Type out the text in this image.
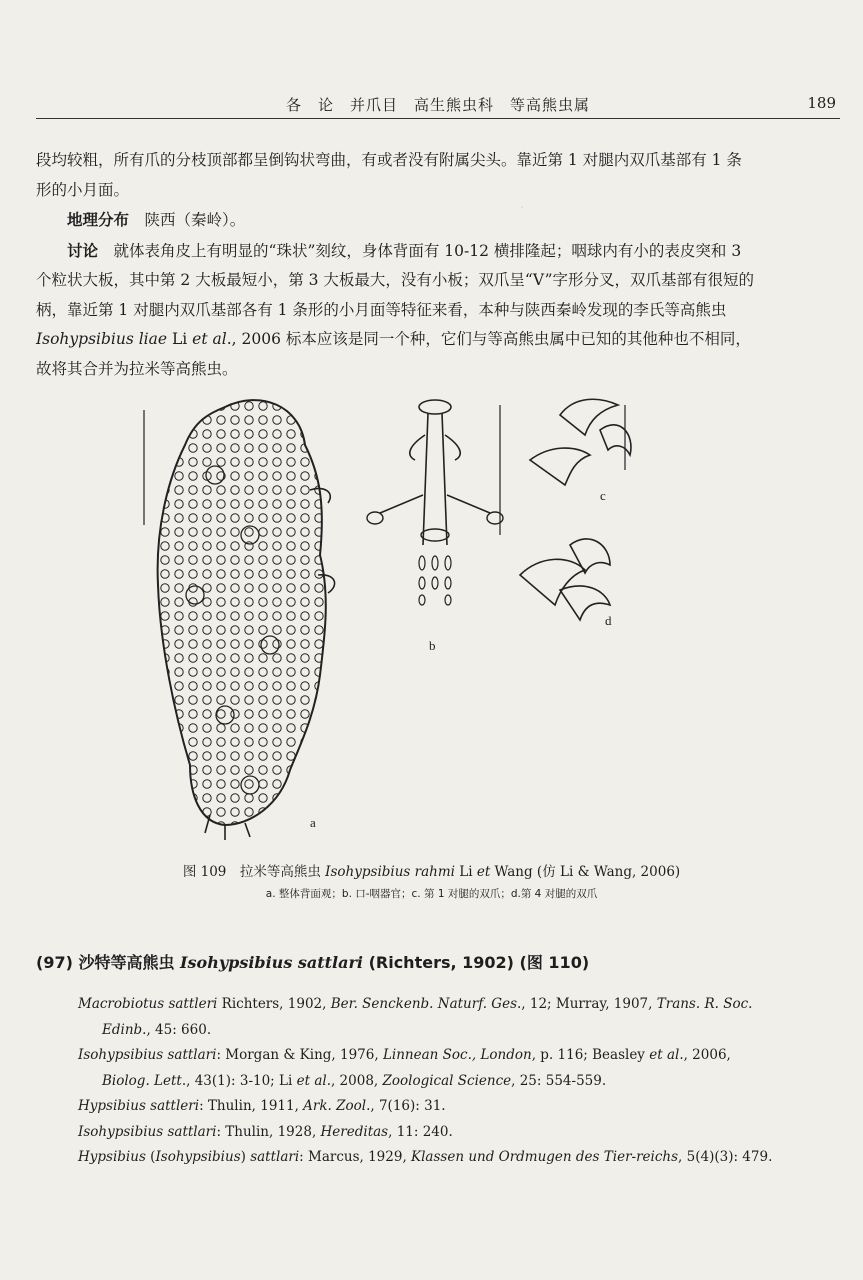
·
各　论　并爪目　高生熊虫科　等高熊虫属	189

段均较粗，所有爪的分枝顶部都呈倒钩状弯曲，有或者没有附属尖头。靠近第 1 对腿内双爪基部有 1 条形的小月面。

地理分布　陕西（秦岭）。

讨论　就体表角皮上有明显的“珠状”刻纹，身体背面有 10-12 横排隆起；咽球内有小的表皮突和 3 个粒状大板，其中第 2 大板最短小，第 3 大板最大，没有小板；双爪呈“V”字形分叉，双爪基部有很短的柄，靠近第 1 对腿内双爪基部各有 1 条形的小月面等特征来看，本种与陕西秦岭发现的李氏等高熊虫 Isohypsibius liae Li et al., 2006 标本应该是同一个种，它们与等高熊虫属中已知的其他种也不相同，故将其合并为拉米等高熊虫。

a
b
c
d
图 109　拉米等高熊虫 Isohypsibius rahmi Li et Wang (仿 Li & Wang, 2006)
a. 整体背面观；b. 口-咽器官；c. 第 1 对腿的双爪；d.第 4 对腿的双爪
(97) 沙特等高熊虫 Isohypsibius sattlari (Richters, 1902) (图 110)
Macrobiotus sattleri Richters, 1902, Ber. Senckenb. Naturf. Ges., 12; Murray, 1907, Trans. R. Soc. Edinb., 45: 660.
Isohypsibius sattlari: Morgan & King, 1976, Linnean Soc., London, p. 116; Beasley et al., 2006, Biolog. Lett., 43(1): 3-10; Li et al., 2008, Zoological Science, 25: 554-559.
Hypsibius sattleri: Thulin, 1911, Ark. Zool., 7(16): 31.
Isohypsibius sattlari: Thulin, 1928, Hereditas, 11: 240.
Hypsibius (Isohypsibius) sattlari: Marcus, 1929, Klassen und Ordmugen des Tier-reichs, 5(4)(3): 479.
